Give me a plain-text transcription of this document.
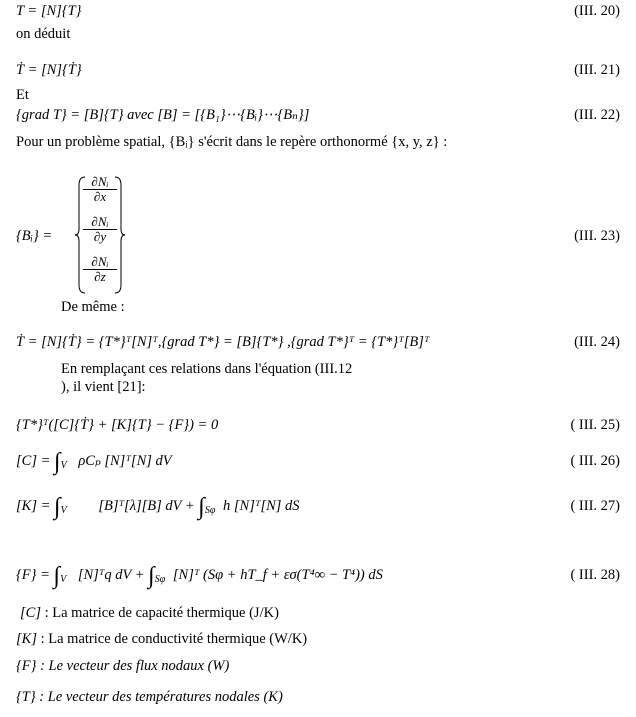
T = [N]{T}	(III. 20)
on déduit
Ṫ = [N]{Ṫ}	(III. 21)
Et
{grad T} = [B]{T} avec [B] = [{B₁}⋯{Bᵢ}⋯{Bₙ}]	(III. 22)
Pour un problème spatial, {Bᵢ} s'écrit dans le repère orthonormé {x, y, z} :
{Bᵢ} =
∂Nᵢ
∂x
∂Nᵢ
∂y
∂Nᵢ
∂z
(III. 23)
De même :
Ṫ = [N]{Ṫ} = {T*}ᵀ[N]ᵀ,{grad T*} = [B]{T*} ,{grad T*}ᵀ = {T*}ᵀ[B]ᵀ	(III. 24)
En remplaçant ces relations dans l'équation (III.12
), il vient [21]:
{T*}ᵀ([C]{Ṫ} + [K]{T} − {F}) = 0	( III. 25)
$[C] = \int_V$ ρCₚ [N]ᵀ[N] dV	( III. 26)
$[K] = \int_V$ [B]ᵀ[λ][B] dV + $\int_{S\varphi}$ h [N]ᵀ[N] dS	( III. 27)
$\{F\} = \int_V$ [N]ᵀq dV + $\int_{S\varphi}$ [N]ᵀ (Sφ + hT_f + εσ(T⁴∞ − T⁴)) dS	( III. 28)
[C] : La matrice de capacité thermique (J/K)
[K] : La matrice de conductivité thermique (W/K)
{F} : Le vecteur des flux nodaux (W)
{T} : Le vecteur des températures nodales (K)
